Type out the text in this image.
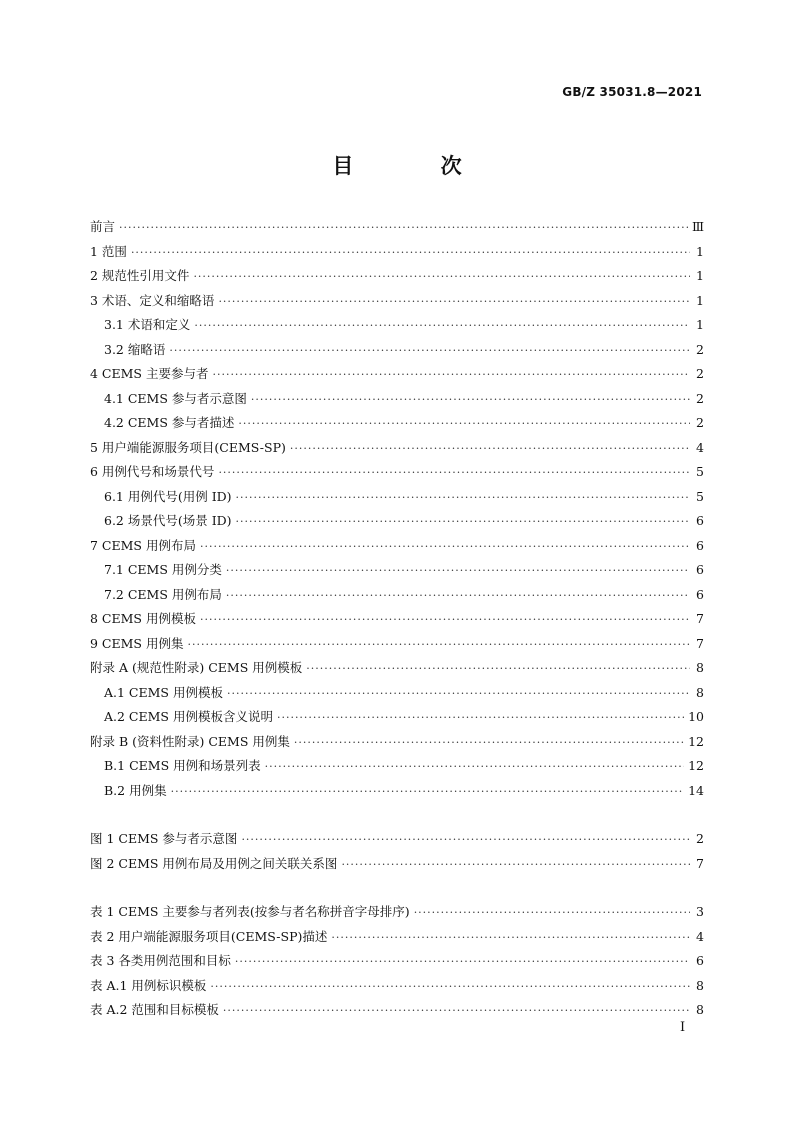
GB/Z 35031.8—2021
目 次
前言 ·····	Ⅲ
1 范围 ·····	1
2 规范性引用文件 ·····	1
3 术语、定义和缩略语 ·····	1
3.1 术语和定义 ·····	1
3.2 缩略语 ·····	2
4 CEMS 主要参与者 ·····	2
4.1 CEMS 参与者示意图 ·····	2
4.2 CEMS 参与者描述 ·····	2
5 用户端能源服务项目(CEMS-SP) ·····	4
6 用例代号和场景代号 ·····	5
6.1 用例代号(用例 ID) ·····	5
6.2 场景代号(场景 ID) ·····	6
7 CEMS 用例布局 ·····	6
7.1 CEMS 用例分类 ·····	6
7.2 CEMS 用例布局 ·····	6
8 CEMS 用例模板 ·····	7
9 CEMS 用例集 ·····	7
附录 A (规范性附录) CEMS 用例模板 ·····	8
A.1 CEMS 用例模板 ·····	8
A.2 CEMS 用例模板含义说明 ·····	10
附录 B (资料性附录) CEMS 用例集 ·····	12
B.1 CEMS 用例和场景列表 ·····	12
B.2 用例集 ·····	14
图 1 CEMS 参与者示意图 ·····	2
图 2 CEMS 用例布局及用例之间关联关系图 ·····	7
表 1 CEMS 主要参与者列表(按参与者名称拼音字母排序) ·····	3
表 2 用户端能源服务项目(CEMS-SP)描述 ·····	4
表 3 各类用例范围和目标 ·····	6
表 A.1 用例标识模板 ·····	8
表 A.2 范围和目标模板 ·····	8
I
